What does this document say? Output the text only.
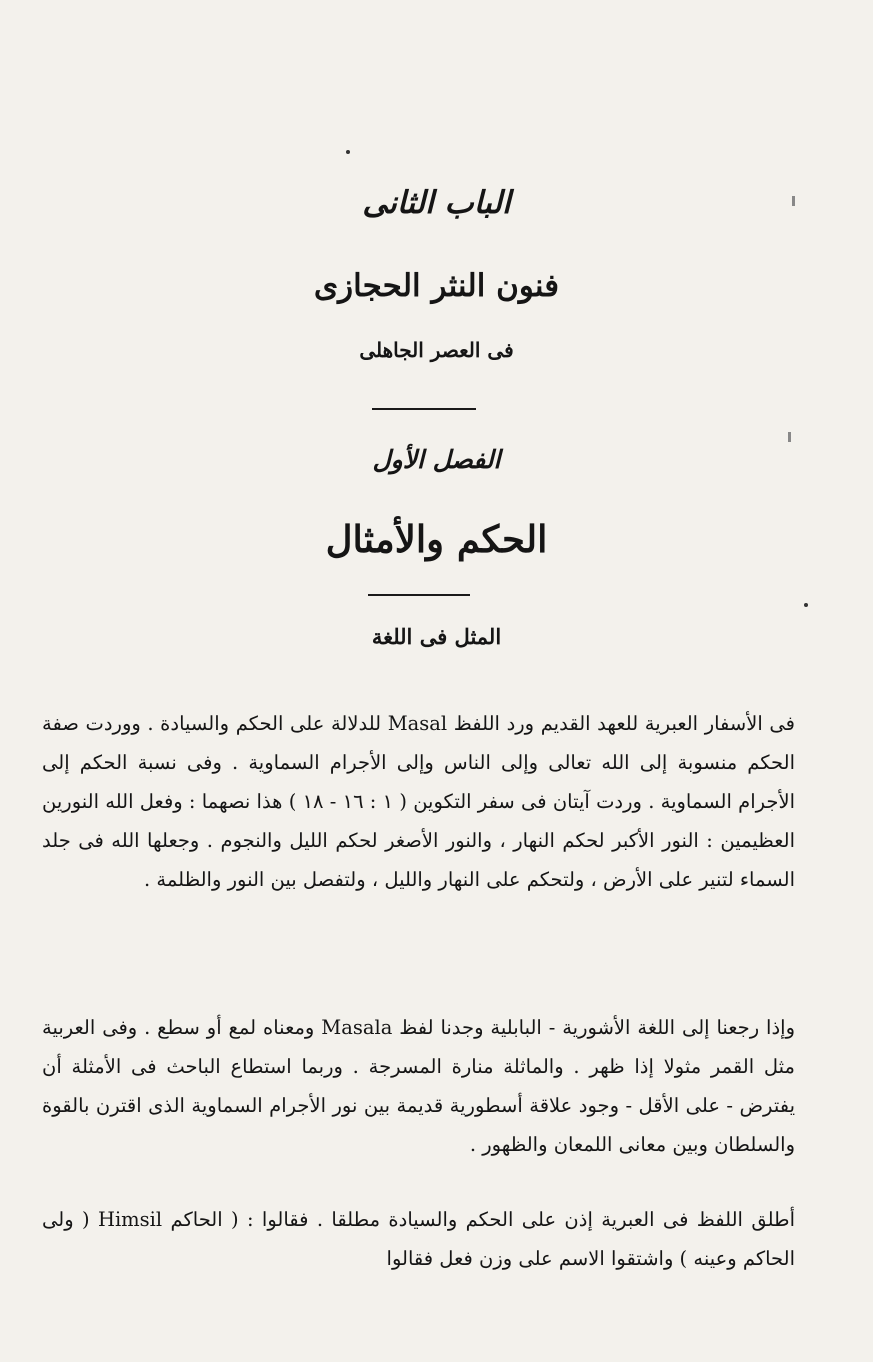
الباب الثانى
فنون النثر الحجازى
فى العصر الجاهلى
الفصل الأول
الحكم والأمثال
المثل فى اللغة

فى الأسفار العبرية للعهد القديم ورد اللفظ Masal للدلالة على الحكم والسيادة . ووردت صفة الحكم منسوبة إلى الله تعالى وإلى الناس وإلى الأجرام السماوية . وفى نسبة الحكم إلى الأجرام السماوية . وردت آيتان فى سفر التكوين ( ١ : ١٦ - ١٨ ) هذا نصهما : وفعل الله النورين العظيمين : النور الأكبر لحكم النهار ، والنور الأصغر لحكم الليل والنجوم . وجعلها الله فى جلد السماء لتنير على الأرض ، ولتحكم على النهار والليل ، ولتفصل بين النور والظلمة .

وإذا رجعنا إلى اللغة الأشورية - البابلية وجدنا لفظ Masala ومعناه لمع أو سطع . وفى العربية مثل القمر مثولا إذا ظهر . والماثلة منارة المسرجة . وربما استطاع الباحث فى الأمثلة أن يفترض - على الأقل - وجود علاقة أسطورية قديمة بين نور الأجرام السماوية الذى اقترن بالقوة والسلطان وبين معانى اللمعان والظهور .

أطلق اللفظ فى العبرية إذن على الحكم والسيادة مطلقا . فقالوا : ( الحاكم Himsil ( ولى الحاكم وعينه ) واشتقوا الاسم على وزن فعل فقالوا
